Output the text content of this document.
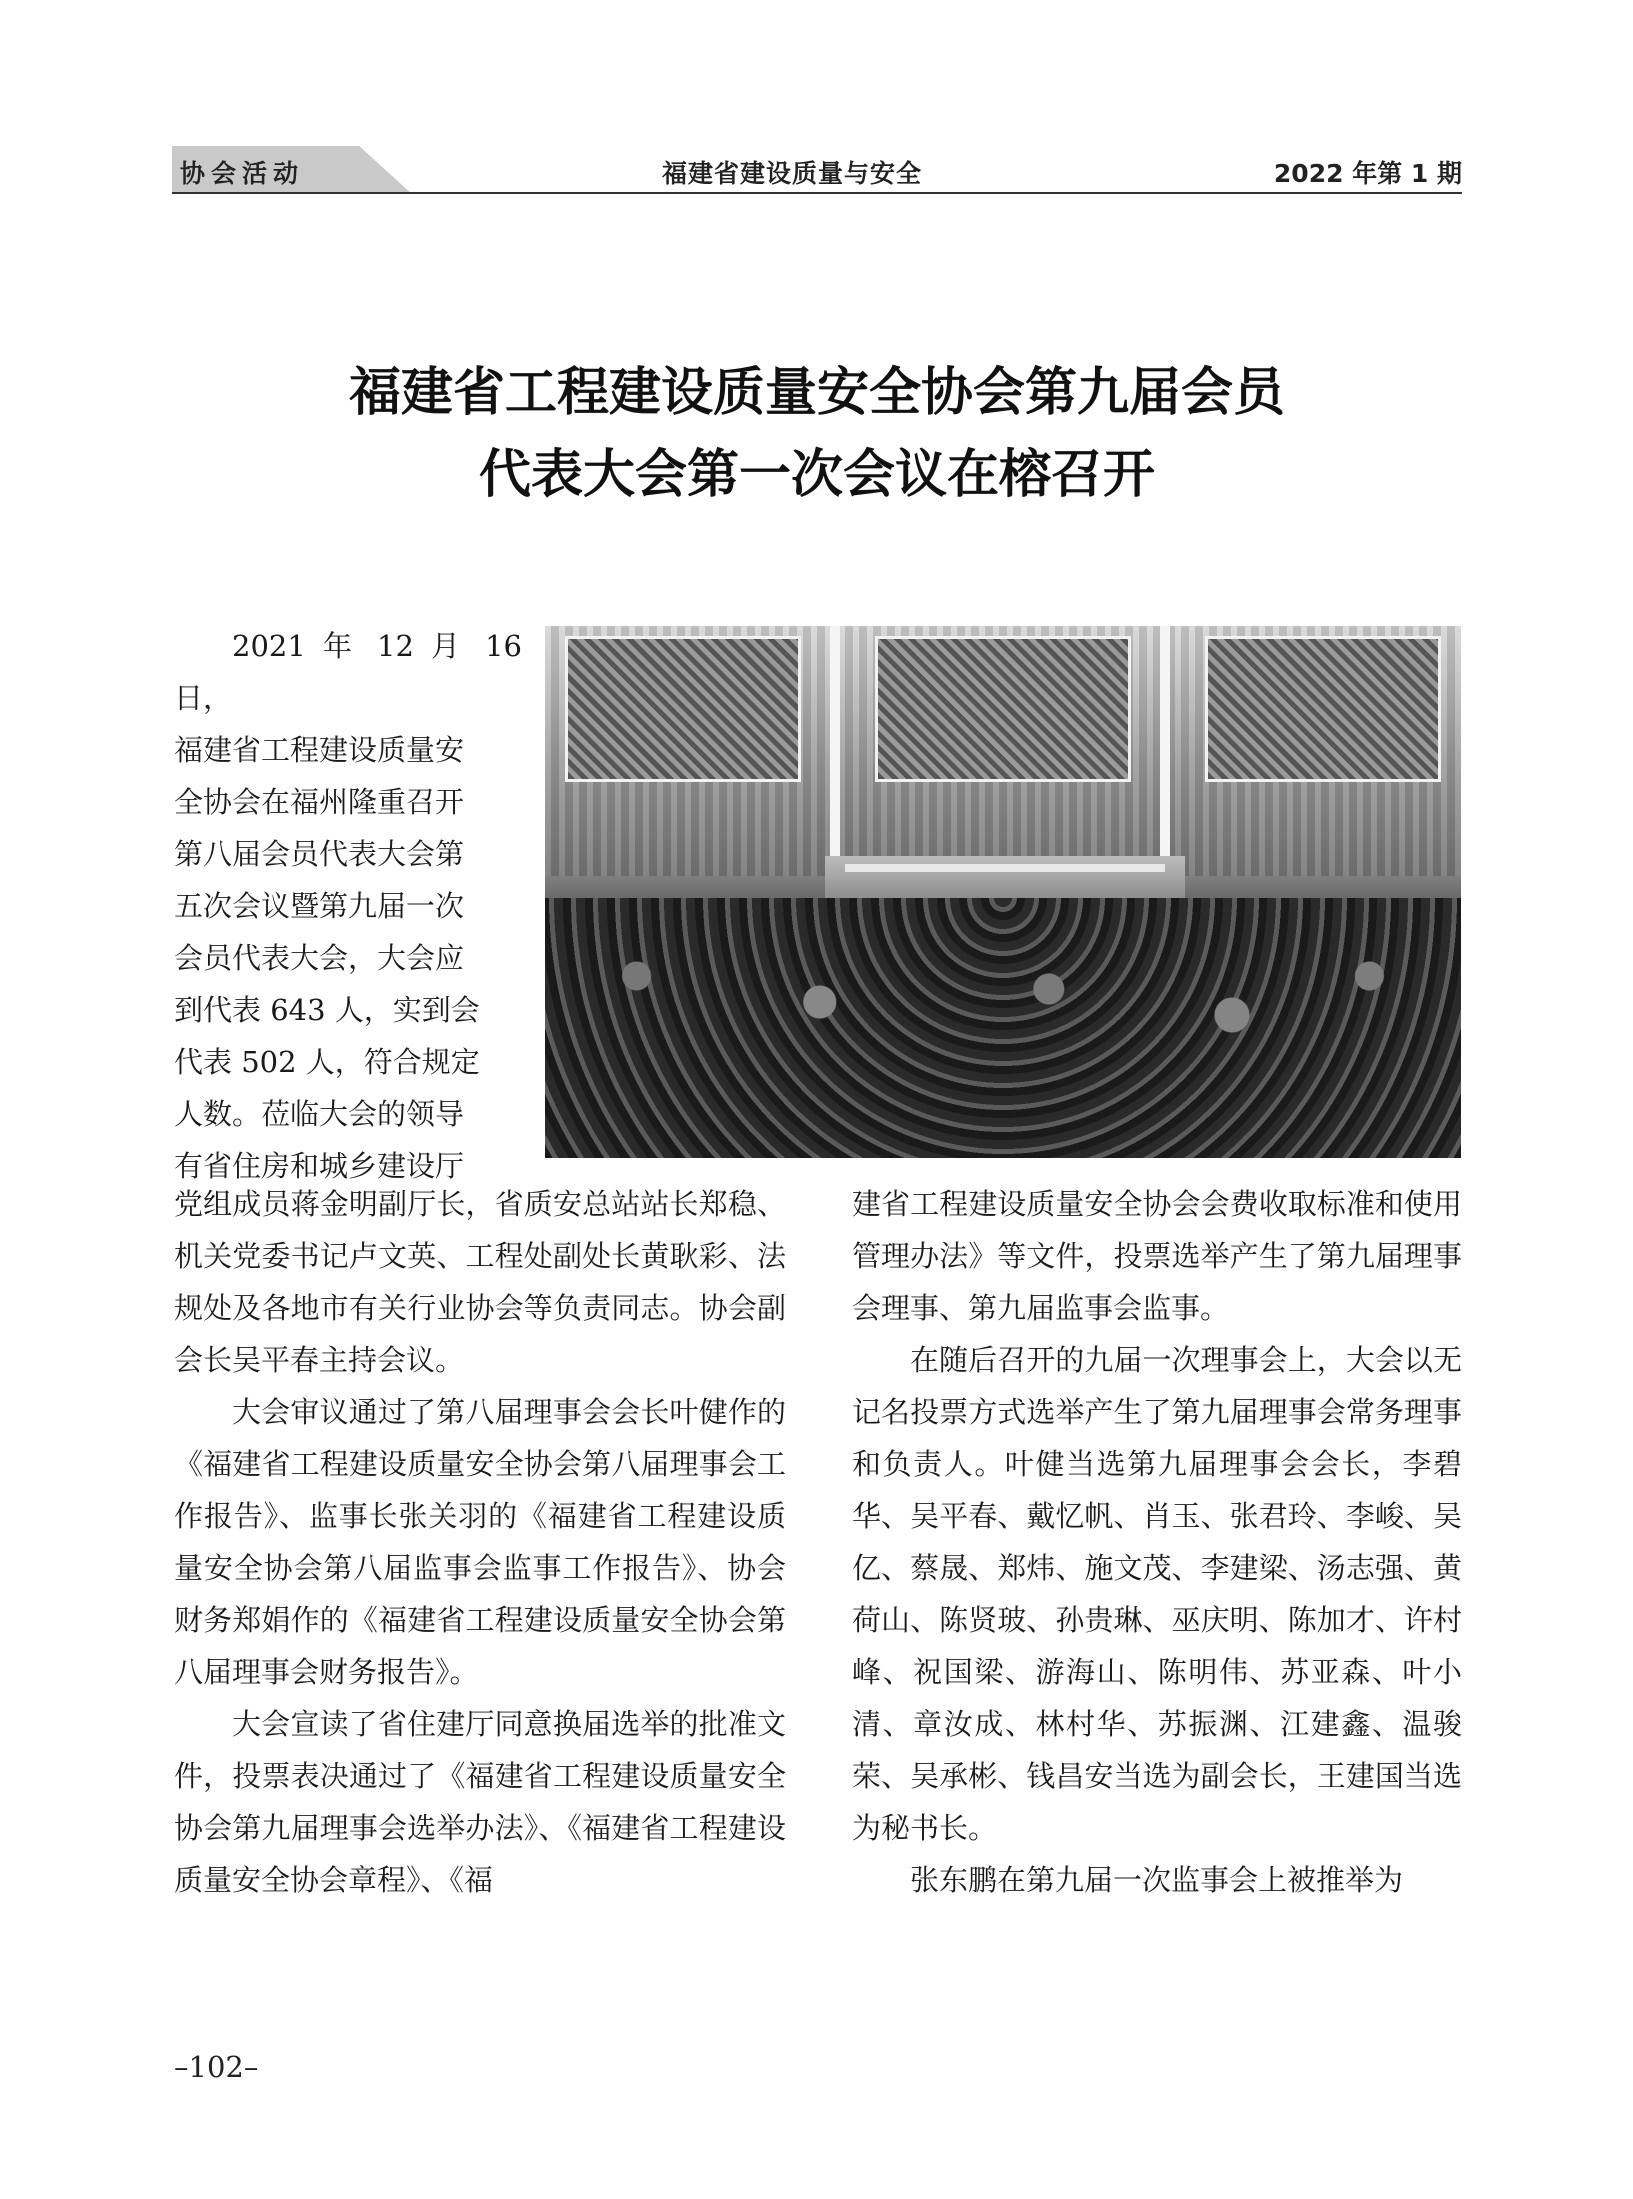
协会活动	福建省建设质量与安全	2022 年第 1 期
福建省工程建设质量安全协会第九届会员
代表大会第一次会议在榕召开
2021 年 12 月 16 日，
福建省工程建设质量安
全协会在福州隆重召开
第八届会员代表大会第
五次会议暨第九届一次
会员代表大会，大会应
到代表 643 人，实到会
代表 502 人，符合规定
人数。莅临大会的领导
有省住房和城乡建设厅

党组成员蒋金明副厅长，省质安总站站长郑稳、机关党委书记卢文英、工程处副处长黄耿彩、法规处及各地市有关行业协会等负责同志。协会副会长吴平春主持会议。

大会审议通过了第八届理事会会长叶健作的《福建省工程建设质量安全协会第八届理事会工作报告》、监事长张关羽的《福建省工程建设质量安全协会第八届监事会监事工作报告》、协会财务郑娟作的《福建省工程建设质量安全协会第八届理事会财务报告》。

大会宣读了省住建厅同意换届选举的批准文件，投票表决通过了《福建省工程建设质量安全协会第九届理事会选举办法》、《福建省工程建设质量安全协会章程》、《福

建省工程建设质量安全协会会费收取标准和使用管理办法》等文件，投票选举产生了第九届理事会理事、第九届监事会监事。

在随后召开的九届一次理事会上，大会以无记名投票方式选举产生了第九届理事会常务理事和负责人。叶健当选第九届理事会会长，李碧华、吴平春、戴忆帆、肖玉、张君玲、李峻、吴亿、蔡晟、郑炜、施文茂、李建梁、汤志强、黄荷山、陈贤玻、孙贵琳、巫庆明、陈加才、许村峰、祝国梁、游海山、陈明伟、苏亚森、叶小清、章汝成、林村华、苏振渊、江建鑫、温骏荣、吴承彬、钱昌安当选为副会长，王建国当选为秘书长。

张东鹏在第九届一次监事会上被推举为

–102–
